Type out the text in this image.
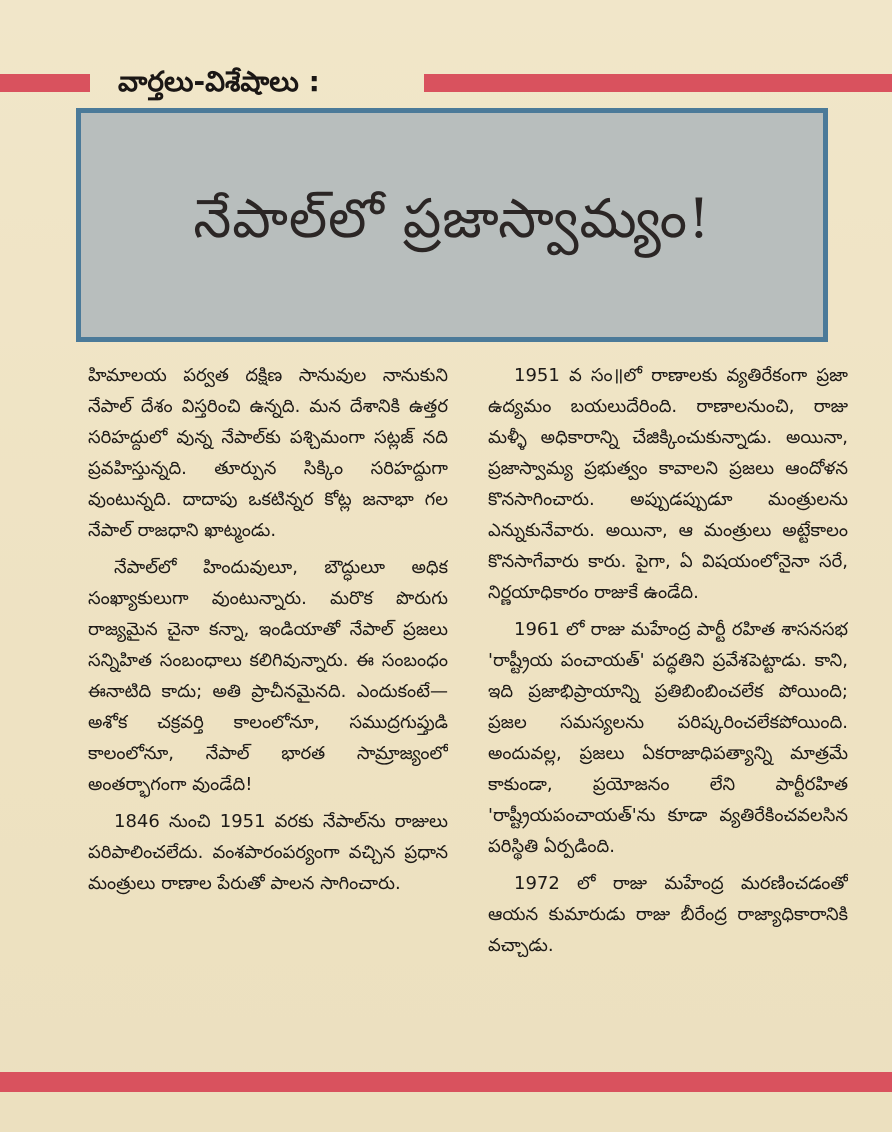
వార్తలు-విశేషాలు :
నేపాల్‌లో ప్రజాస్వామ్యం!

హిమాలయ పర్వత దక్షిణ సానువుల నానుకుని నేపాల్ దేశం విస్తరించి ఉన్నది. మన దేశానికి ఉత్తర సరిహద్దులో వున్న నేపాల్‌కు పశ్చిమంగా సట్లజ్ నది ప్రవహిస్తున్నది. తూర్పున సిక్కిం సరిహద్దుగా వుంటున్నది. దాదాపు ఒకటిన్నర కోట్ల జనాభా గల నేపాల్ రాజధాని ఖాట్మండు.

నేపాల్‌లో హిందువులూ, బౌద్ధులూ అధిక సంఖ్యాకులుగా వుంటున్నారు. మరొక పొరుగు రాజ్యమైన చైనా కన్నా, ఇండియాతో నేపాల్ ప్రజలు సన్నిహిత సంబంధాలు కలిగివున్నారు. ఈ సంబంధం ఈనాటిది కాదు; అతి ప్రాచీనమైనది. ఎందుకంటే—అశోక చక్రవర్తి కాలంలోనూ, సముద్రగుప్తుడి కాలంలోనూ, నేపాల్ భారత సామ్రాజ్యంలో అంతర్భాగంగా వుండేది!

1846 నుంచి 1951 వరకు నేపాల్‌ను రాజులు పరిపాలించలేదు. వంశపారంపర్యంగా వచ్చిన ప్రధాన మంత్రులు రాణాల పేరుతో పాలన సాగించారు.

1951 వ సం॥లో రాణాలకు వ్యతిరేకంగా ప్రజా ఉద్యమం బయలుదేరింది. రాణాలనుంచి, రాజు మళ్ళీ అధికారాన్ని చేజిక్కించుకున్నాడు. అయినా, ప్రజాస్వామ్య ప్రభుత్వం కావాలని ప్రజలు ఆందోళన కొనసాగించారు. అప్పుడప్పుడూ మంత్రులను ఎన్నుకునేవారు. అయినా, ఆ మంత్రులు అట్టేకాలం కొనసాగేవారు కారు. పైగా, ఏ విషయంలోనైనా సరే, నిర్ణయాధికారం రాజుకే ఉండేది.

1961 లో రాజు మహేంద్ర పార్టీ రహిత శాసనసభ 'రాష్ట్రీయ పంచాయత్' పద్ధతిని ప్రవేశపెట్టాడు. కాని, ఇది ప్రజాభిప్రాయాన్ని ప్రతిబింబించలేక పోయింది; ప్రజల సమస్యలను పరిష్కరించలేకపోయింది. అందువల్ల, ప్రజలు ఏకరాజాధిపత్యాన్ని మాత్రమే కాకుండా, ప్రయోజనం లేని పార్టీరహిత 'రాష్ట్రీయపంచాయత్'ను కూడా వ్యతిరేకించవలసిన పరిస్థితి ఏర్పడింది.

1972 లో రాజు మహేంద్ర మరణించడంతో ఆయన కుమారుడు రాజు బీరేంద్ర రాజ్యాధికారానికి వచ్చాడు.
